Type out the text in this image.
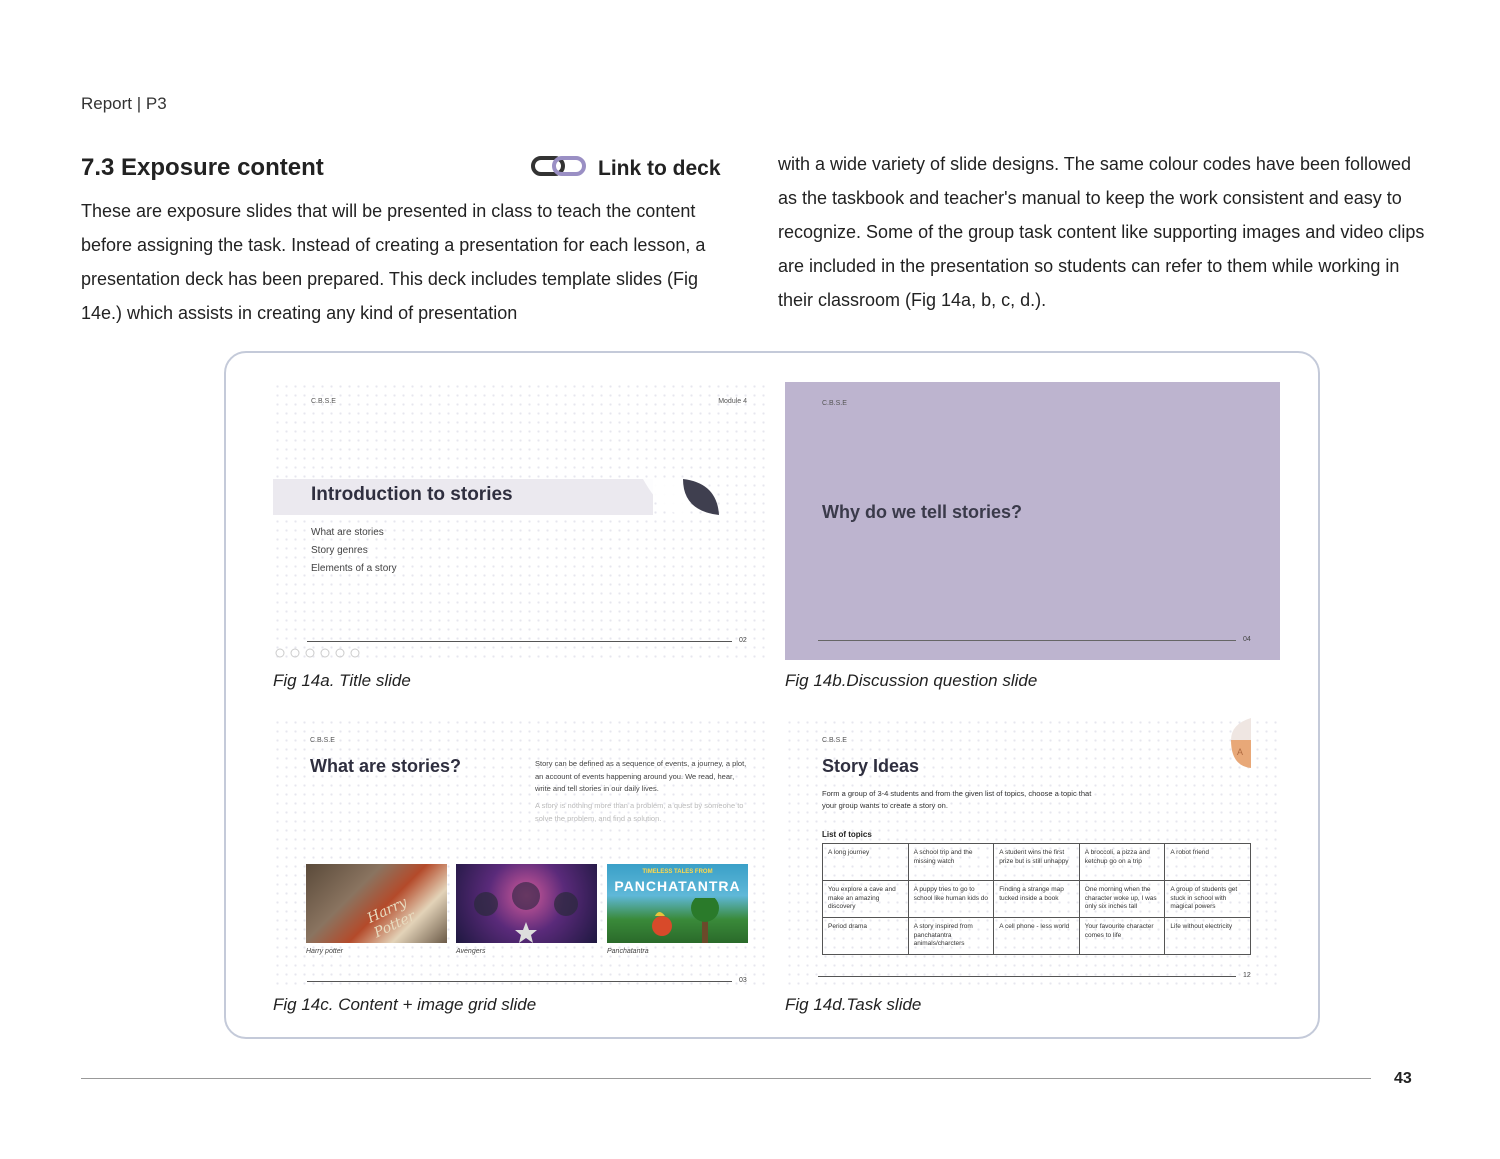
Report | P3
7.3 Exposure content	Link to deck

These are exposure slides that will be presented in class to teach the content before assigning the task. Instead of creating a presentation for each lesson, a presentation deck has been prepared. This deck includes template slides (Fig 14e.) which assists in creating any kind of presentation

with a wide variety of slide designs. The same colour codes have been followed as the taskbook and teacher's manual to keep the work consistent and easy to recognize. Some of the group task content like supporting images and video clips are included in the presentation so students can refer to them while working in their classroom (Fig 14a, b, c, d.).

C.B.S.E	Module 4
Introduction to stories
What are stories
Story genres
Elements of a story
02
Fig 14a. Title slide
C.B.S.E
Why do we tell stories?
04
Fig 14b.Discussion question slide
C.B.S.E
What are stories?	Story can be defined as a sequence of events, a journey, a plot, an account of events happening around you. We read, hear, write and tell stories in our daily lives.

A story is nothing more than a problem, a quest by someone to solve the problem, and find a solution.

Harry Potter
TIMELESS TALES FROM
PANCHATANTRA
Harry potter	Avengers	Panchatantra
03
Fig 14c. Content + image grid slide
C.B.S.E
A
Story Ideas

Form a group of 3-4 students and from the given list of topics, choose a topic that your group wants to create a story on.

List of topics
A long journey	A school trip and the missing watch	A student wins the first prize but is still unhappy	A broccoli, a pizza and ketchup go on a trip	A robot friend
You explore a cave and make an amazing discovery	A puppy tries to go to school like human kids do	Finding a strange map tucked inside a book	One morning when the character woke up, I was only six inches tall	A group of students get stuck in school with magical powers
Period drama	A story inspired from panchatantra animals/charcters	A cell phone - less world	Your favourite character comes to life	Life without electricity
12
Fig 14d.Task slide
43
